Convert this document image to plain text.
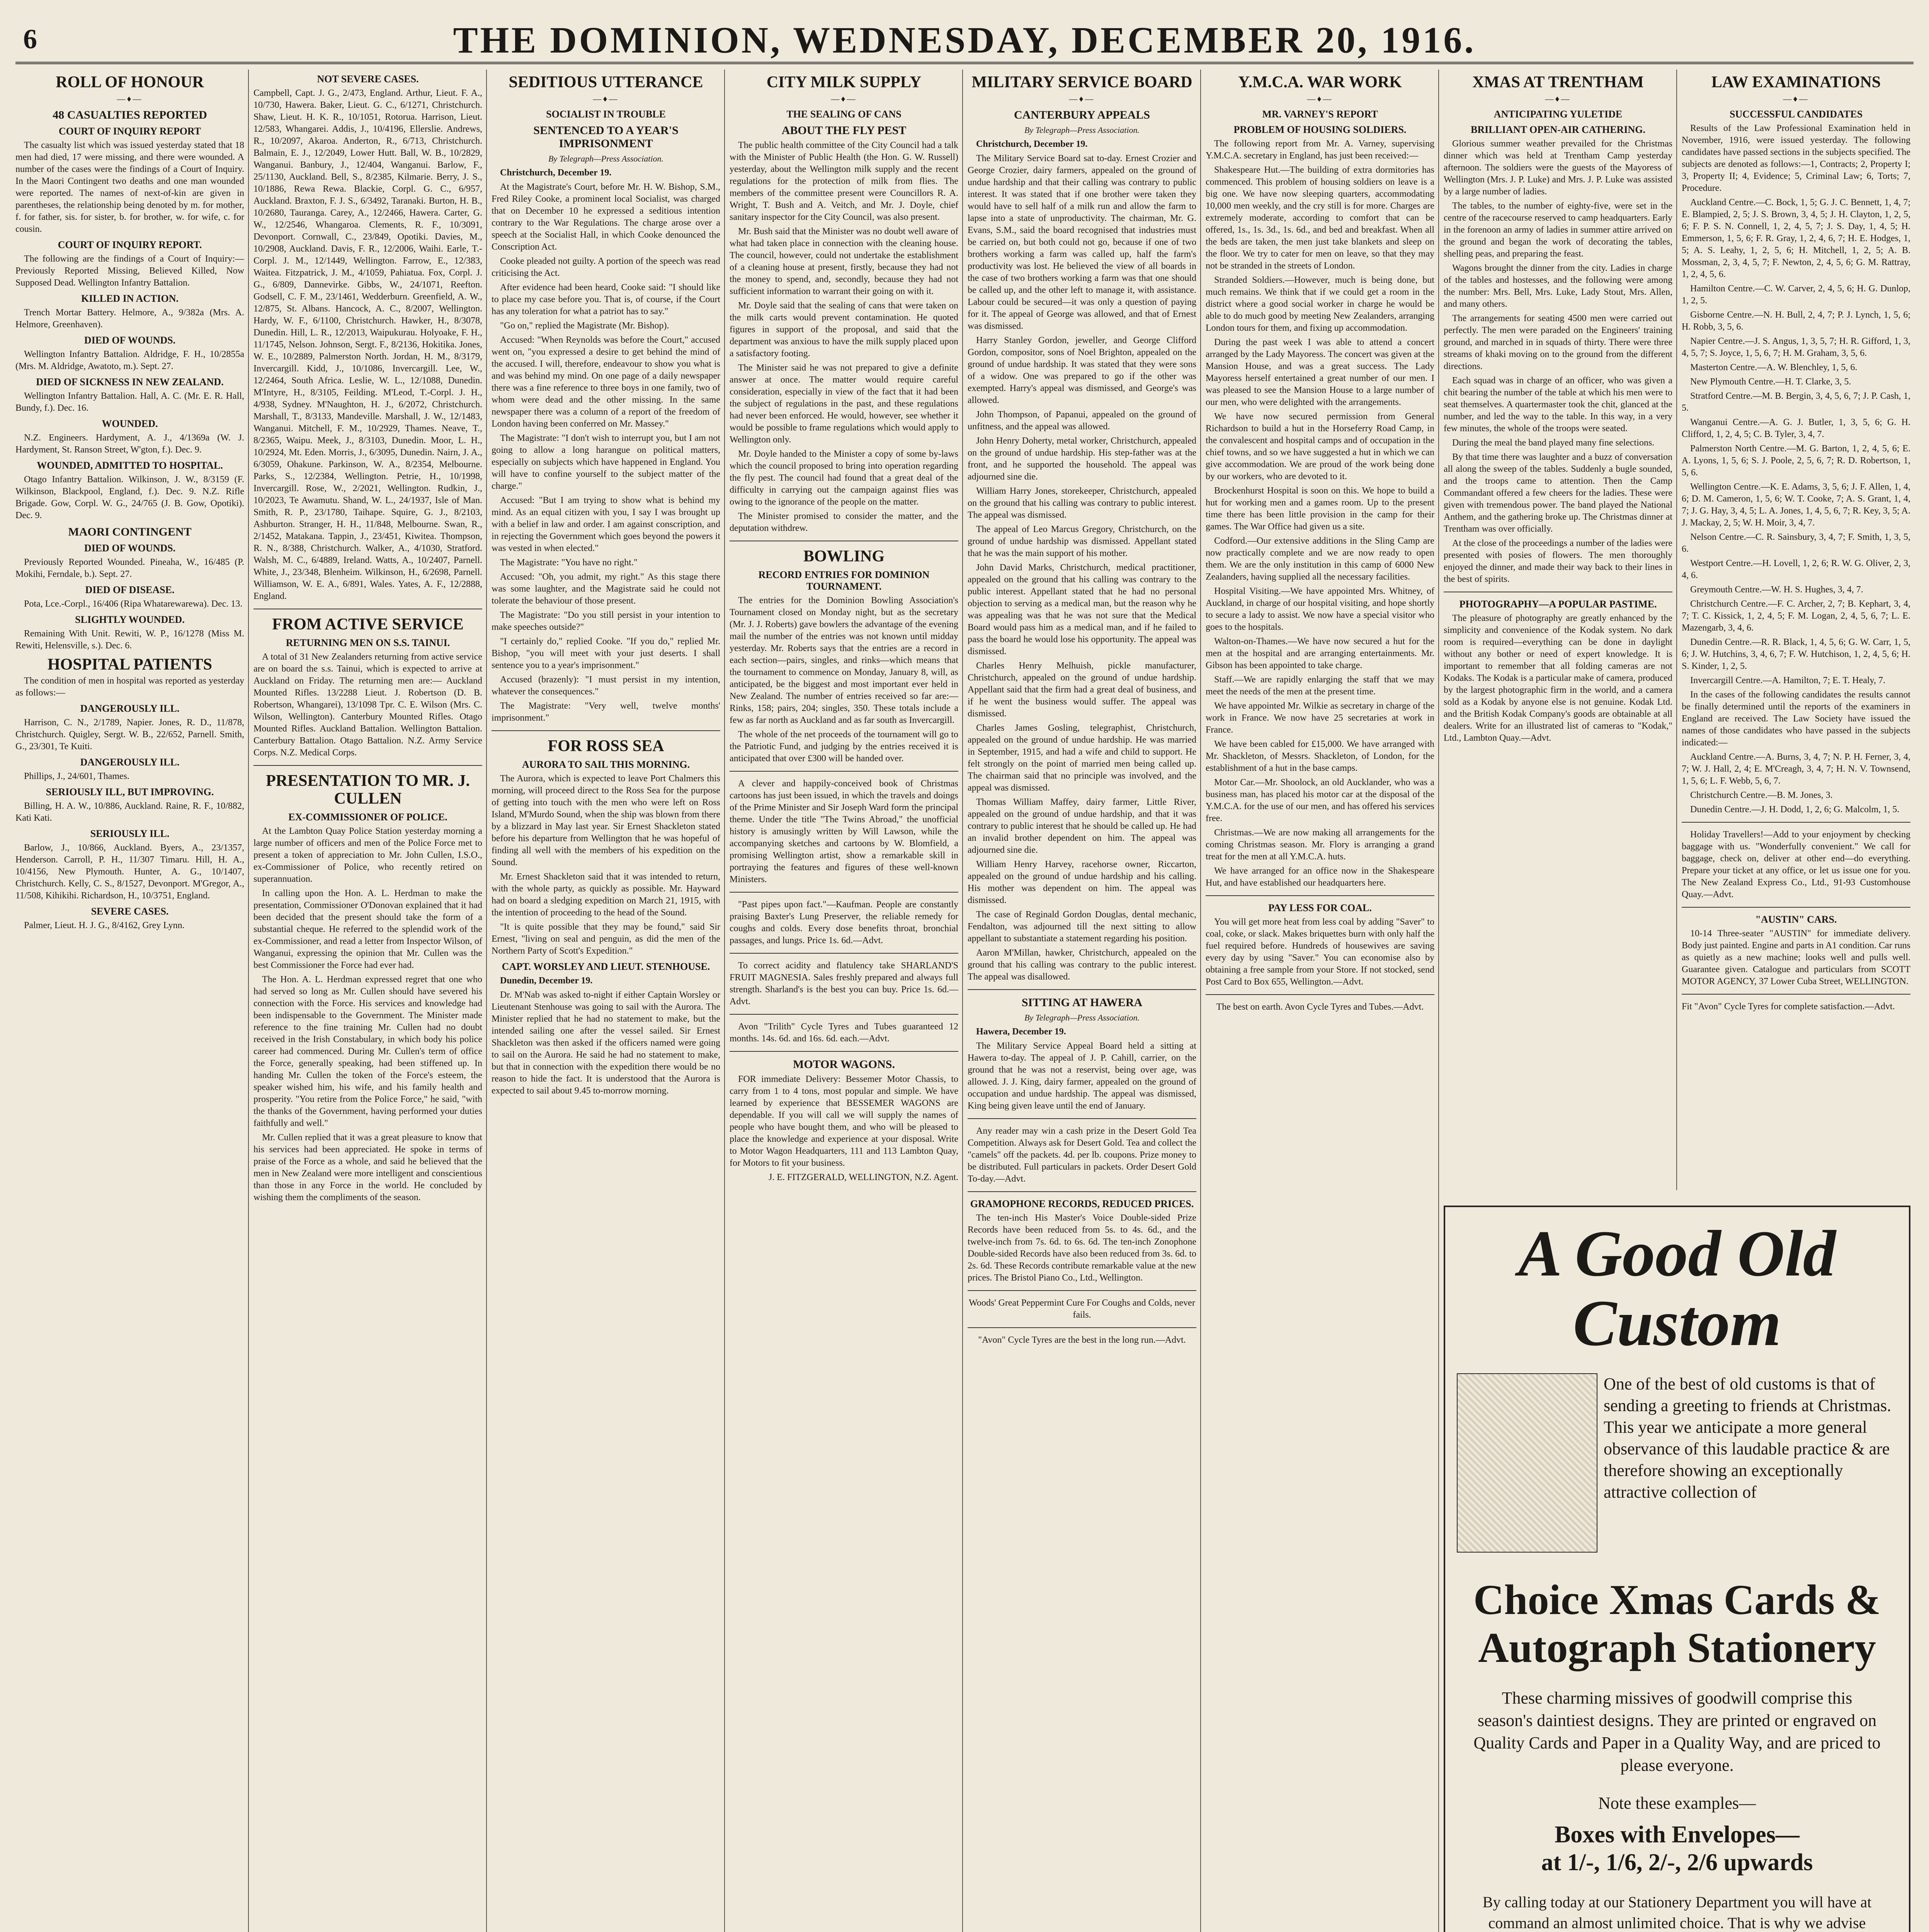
6	THE DOMINION, WEDNESDAY, DECEMBER 20, 1916.
ROLL OF HONOUR
—♦—
48 CASUALTIES REPORTED
COURT OF INQUIRY REPORT

The casualty list which was issued yesterday stated that 18 men had died, 17 were missing, and there were wounded. A number of the cases were the findings of a Court of Inquiry. In the Maori Contingent two deaths and one man wounded were reported. The names of next-of-kin are given in parentheses, the relationship being denoted by m. for mother, f. for father, sis. for sister, b. for brother, w. for wife, c. for cousin.

COURT OF INQUIRY REPORT.

The following are the findings of a Court of Inquiry:— Previously Reported Missing, Believed Killed, Now Supposed Dead. Wellington Infantry Battalion.

KILLED IN ACTION.

Trench Mortar Battery. Helmore, A., 9/382a (Mrs. A. Helmore, Greenhaven).

DIED OF WOUNDS.

Wellington Infantry Battalion. Aldridge, F. H., 10/2855a (Mrs. M. Aldridge, Awatoto, m.). Sept. 27.

DIED OF SICKNESS IN NEW ZEALAND.

Wellington Infantry Battalion. Hall, A. C. (Mr. E. R. Hall, Bundy, f.). Dec. 16.

WOUNDED.

N.Z. Engineers. Hardyment, A. J., 4/1369a (W. J. Hardyment, St. Ranson Street, W'gton, f.). Dec. 9.

WOUNDED, ADMITTED TO HOSPITAL.

Otago Infantry Battalion. Wilkinson, J. W., 8/3159 (F. Wilkinson, Blackpool, England, f.). Dec. 9. N.Z. Rifle Brigade. Gow, Corpl. W. G., 24/765 (J. B. Gow, Opotiki). Dec. 9.

MAORI CONTINGENT
DIED OF WOUNDS.

Previously Reported Wounded. Pineaha, W., 16/485 (P. Mokihi, Ferndale, b.). Sept. 27.

DIED OF DISEASE.

Pota, Lce.-Corpl., 16/406 (Ripa Whatarewarewa). Dec. 13.

SLIGHTLY WOUNDED.

Remaining With Unit. Rewiti, W. P., 16/1278 (Miss M. Rewiti, Helensville, s.). Dec. 6.

HOSPITAL PATIENTS

The condition of men in hospital was reported as yesterday as follows:—

DANGEROUSLY ILL.

Harrison, C. N., 2/1789, Napier. Jones, R. D., 11/878, Christchurch. Quigley, Sergt. W. B., 22/652, Parnell. Smith, G., 23/301, Te Kuiti.

DANGEROUSLY ILL.

Phillips, J., 24/601, Thames.

SERIOUSLY ILL, BUT IMPROVING.

Billing, H. A. W., 10/886, Auckland. Raine, R. F., 10/882, Kati Kati.

SERIOUSLY ILL.

Barlow, J., 10/866, Auckland. Byers, A., 23/1357, Henderson. Carroll, P. H., 11/307 Timaru. Hill, H. A., 10/4156, New Plymouth. Hunter, A. G., 10/1407, Christchurch. Kelly, C. S., 8/1527, Devonport. M'Gregor, A., 11/508, Kihikihi. Richardson, H., 10/3751, England.

SEVERE CASES.

Palmer, Lieut. H. J. G., 8/4162, Grey Lynn.

NOT SEVERE CASES.

Campbell, Capt. J. G., 2/473, England. Arthur, Lieut. F. A., 10/730, Hawera. Baker, Lieut. G. C., 6/1271, Christchurch. Shaw, Lieut. H. K. R., 10/1051, Rotorua. Harrison, Lieut. 12/583, Whangarei. Addis, J., 10/4196, Ellerslie. Andrews, R., 10/2097, Akaroa. Anderton, R., 6/713, Christchurch. Balmain, E. J., 12/2049, Lower Hutt. Ball, W. B., 10/2829, Wanganui. Banbury, J., 12/404, Wanganui. Barlow, F., 25/1130, Auckland. Bell, S., 8/2385, Kilmarie. Berry, J. S., 10/1886, Rewa Rewa. Blackie, Corpl. G. C., 6/957, Auckland. Braxton, F. J. S., 6/3492, Taranaki. Burton, H. B., 10/2680, Tauranga. Carey, A., 12/2466, Hawera. Carter, G. W., 12/2546, Whangaroa. Clements, R. F., 10/3091, Devonport. Cornwall, C., 23/849, Opotiki. Davies, M., 10/2908, Auckland. Davis, F. R., 12/2006, Waihi. Earle, T.-Corpl. J. M., 12/1449, Wellington. Farrow, E., 12/383, Waitea. Fitzpatrick, J. M., 4/1059, Pahiatua. Fox, Corpl. J. G., 6/809, Dannevirke. Gibbs, W., 24/1071, Reefton. Godsell, C. F. M., 23/1461, Wedderburn. Greenfield, A. W., 12/875, St. Albans. Hancock, A. C., 8/2007, Wellington. Hardy, W. F., 6/1100, Christchurch. Hawker, H., 8/3078, Dunedin. Hill, L. R., 12/2013, Waipukurau. Holyoake, F. H., 11/1745, Nelson. Johnson, Sergt. F., 8/2136, Hokitika. Jones, W. E., 10/2889, Palmerston North. Jordan, H. M., 8/3179, Invercargill. Kidd, J., 10/1086, Invercargill. Lee, W., 12/2464, South Africa. Leslie, W. L., 12/1088, Dunedin. M'Intyre, H., 8/3105, Feilding. M'Leod, T.-Corpl. J. H., 4/938, Sydney. M'Naughton, H. J., 6/2072, Christchurch. Marshall, T., 8/3133, Mandeville. Marshall, J. W., 12/1483, Wanganui. Mitchell, F. M., 10/2929, Thames. Neave, T., 8/2365, Waipu. Meek, J., 8/3103, Dunedin. Moor, L. H., 10/2924, Mt. Eden. Morris, J., 6/3095, Dunedin. Nairn, J. A., 6/3059, Ohakune. Parkinson, W. A., 8/2354, Melbourne. Parks, S., 12/2384, Wellington. Petrie, H., 10/1998, Invercargill. Rose, W., 2/2021, Wellington. Rudkin, J., 10/2023, Te Awamutu. Shand, W. L., 24/1937, Isle of Man. Smith, R. P., 23/1780, Taihape. Squire, G. J., 8/2103, Ashburton. Stranger, H. H., 11/848, Melbourne. Swan, R., 2/1452, Matakana. Tappin, J., 23/451, Kiwitea. Thompson, R. N., 8/388, Christchurch. Walker, A., 4/1030, Stratford. Walsh, M. C., 6/4889, Ireland. Watts, A., 10/2407, Parnell. White, J., 23/348, Blenheim. Wilkinson, H., 6/2698, Parnell. Williamson, W. E. A., 6/891, Wales. Yates, A. F., 12/2888, England.

FROM ACTIVE SERVICE
RETURNING MEN ON S.S. TAINUI.

A total of 31 New Zealanders returning from active service are on board the s.s. Tainui, which is expected to arrive at Auckland on Friday. The returning men are:— Auckland Mounted Rifles. 13/2288 Lieut. J. Robertson (D. B. Robertson, Whangarei), 13/1098 Tpr. C. E. Wilson (Mrs. C. Wilson, Wellington). Canterbury Mounted Rifles. Otago Mounted Rifles. Auckland Battalion. Wellington Battalion. Canterbury Battalion. Otago Battalion. N.Z. Army Service Corps. N.Z. Medical Corps.

PRESENTATION TO MR. J. CULLEN
EX-COMMISSIONER OF POLICE.

At the Lambton Quay Police Station yesterday morning a large number of officers and men of the Police Force met to present a token of appreciation to Mr. John Cullen, I.S.O., ex-Commissioner of Police, who recently retired on superannuation.

In calling upon the Hon. A. L. Herdman to make the presentation, Commissioner O'Donovan explained that it had been decided that the present should take the form of a substantial cheque. He referred to the splendid work of the ex-Commissioner, and read a letter from Inspector Wilson, of Wanganui, expressing the opinion that Mr. Cullen was the best Commissioner the Force had ever had.

The Hon. A. L. Herdman expressed regret that one who had served so long as Mr. Cullen should have severed his connection with the Force. His services and knowledge had been indispensable to the Government. The Minister made reference to the fine training Mr. Cullen had no doubt received in the Irish Constabulary, in which body his police career had commenced. During Mr. Cullen's term of office the Force, generally speaking, had been stiffened up. In handing Mr. Cullen the token of the Force's esteem, the speaker wished him, his wife, and his family health and prosperity. "You retire from the Police Force," he said, "with the thanks of the Government, having performed your duties faithfully and well."

Mr. Cullen replied that it was a great pleasure to know that his services had been appreciated. He spoke in terms of praise of the Force as a whole, and said he believed that the men in New Zealand were more intelligent and conscientious than those in any Force in the world. He concluded by wishing them the compliments of the season.

SEDITIOUS UTTERANCE
—♦—
SOCIALIST IN TROUBLE
SENTENCED TO A YEAR'S IMPRISONMENT
By Telegraph—Press Association.

Christchurch, December 19.

At the Magistrate's Court, before Mr. H. W. Bishop, S.M., Fred Riley Cooke, a prominent local Socialist, was charged that on December 10 he expressed a seditious intention contrary to the War Regulations. The charge arose over a speech at the Socialist Hall, in which Cooke denounced the Conscription Act.

Cooke pleaded not guilty. A portion of the speech was read criticising the Act.

After evidence had been heard, Cooke said: "I should like to place my case before you. That is, of course, if the Court has any toleration for what a patriot has to say."

"Go on," replied the Magistrate (Mr. Bishop).

Accused: "When Reynolds was before the Court," accused went on, "you expressed a desire to get behind the mind of the accused. I will, therefore, endeavour to show you what is and was behind my mind. On one page of a daily newspaper there was a fine reference to three boys in one family, two of whom were dead and the other missing. In the same newspaper there was a column of a report of the freedom of London having been conferred on Mr. Massey."

The Magistrate: "I don't wish to interrupt you, but I am not going to allow a long harangue on political matters, especially on subjects which have happened in England. You will have to confine yourself to the subject matter of the charge."

Accused: "But I am trying to show what is behind my mind. As an equal citizen with you, I say I was brought up with a belief in law and order. I am against conscription, and in rejecting the Government which goes beyond the powers it was vested in when elected."

The Magistrate: "You have no right."

Accused: "Oh, you admit, my right." As this stage there was some laughter, and the Magistrate said he could not tolerate the behaviour of those present.

The Magistrate: "Do you still persist in your intention to make speeches outside?"

"I certainly do," replied Cooke. "If you do," replied Mr. Bishop, "you will meet with your just deserts. I shall sentence you to a year's imprisonment."

Accused (brazenly): "I must persist in my intention, whatever the consequences."

The Magistrate: "Very well, twelve months' imprisonment."

FOR ROSS SEA
AURORA TO SAIL THIS MORNING.

The Aurora, which is expected to leave Port Chalmers this morning, will proceed direct to the Ross Sea for the purpose of getting into touch with the men who were left on Ross Island, M'Murdo Sound, when the ship was blown from there by a blizzard in May last year. Sir Ernest Shackleton stated before his departure from Wellington that he was hopeful of finding all well with the members of his expedition on the Sound.

Mr. Ernest Shackleton said that it was intended to return, with the whole party, as quickly as possible. Mr. Hayward had on board a sledging expedition on March 21, 1915, with the intention of proceeding to the head of the Sound.

"It is quite possible that they may be found," said Sir Ernest, "living on seal and penguin, as did the men of the Northern Party of Scott's Expedition."

CAPT. WORSLEY AND LIEUT. STENHOUSE.

Dunedin, December 19.

Dr. M'Nab was asked to-night if either Captain Worsley or Lieutenant Stenhouse was going to sail with the Aurora. The Minister replied that he had no statement to make, but the intended sailing one after the vessel sailed. Sir Ernest Shackleton was then asked if the officers named were going to sail on the Aurora. He said he had no statement to make, but that in connection with the expedition there would be no reason to hide the fact. It is understood that the Aurora is expected to sail about 9.45 to-morrow morning.

CITY MILK SUPPLY
—♦—
THE SEALING OF CANS
ABOUT THE FLY PEST

The public health committee of the City Council had a talk with the Minister of Public Health (the Hon. G. W. Russell) yesterday, about the Wellington milk supply and the recent regulations for the protection of milk from flies. The members of the committee present were Councillors R. A. Wright, T. Bush and A. Veitch, and Mr. J. Doyle, chief sanitary inspector for the City Council, was also present.

Mr. Bush said that the Minister was no doubt well aware of what had taken place in connection with the cleaning house. The council, however, could not undertake the establishment of a cleaning house at present, firstly, because they had not the money to spend, and, secondly, because they had not sufficient information to warrant their going on with it.

Mr. Doyle said that the sealing of cans that were taken on the milk carts would prevent contamination. He quoted figures in support of the proposal, and said that the department was anxious to have the milk supply placed upon a satisfactory footing.

The Minister said he was not prepared to give a definite answer at once. The matter would require careful consideration, especially in view of the fact that it had been the subject of regulations in the past, and these regulations had never been enforced. He would, however, see whether it would be possible to frame regulations which would apply to Wellington only.

Mr. Doyle handed to the Minister a copy of some by-laws which the council proposed to bring into operation regarding the fly pest. The council had found that a great deal of the difficulty in carrying out the campaign against flies was owing to the ignorance of the people on the matter.

The Minister promised to consider the matter, and the deputation withdrew.

BOWLING
RECORD ENTRIES FOR DOMINION TOURNAMENT.

The entries for the Dominion Bowling Association's Tournament closed on Monday night, but as the secretary (Mr. J. J. Roberts) gave bowlers the advantage of the evening mail the number of the entries was not known until midday yesterday. Mr. Roberts says that the entries are a record in each section—pairs, singles, and rinks—which means that the tournament to commence on Monday, January 8, will, as anticipated, be the biggest and most important ever held in New Zealand. The number of entries received so far are:—Rinks, 158; pairs, 204; singles, 350. These totals include a few as far north as Auckland and as far south as Invercargill.

The whole of the net proceeds of the tournament will go to the Patriotic Fund, and judging by the entries received it is anticipated that over £300 will be handed over.

A clever and happily-conceived book of Christmas cartoons has just been issued, in which the travels and doings of the Prime Minister and Sir Joseph Ward form the principal theme. Under the title "The Twins Abroad," the unofficial history is amusingly written by Will Lawson, while the accompanying sketches and cartoons by W. Blomfield, a promising Wellington artist, show a remarkable skill in portraying the features and figures of these well-known Ministers.

"Past pipes upon fact."—Kaufman. People are constantly praising Baxter's Lung Preserver, the reliable remedy for coughs and colds. Every dose benefits throat, bronchial passages, and lungs. Price 1s. 6d.—Advt.

To correct acidity and flatulency take SHARLAND'S FRUIT MAGNESIA. Sales freshly prepared and always full strength. Sharland's is the best you can buy. Price 1s. 6d.—Advt.

Avon "Trilith" Cycle Tyres and Tubes guaranteed 12 months. 14s. 6d. and 16s. 6d. each.—Advt.

MOTOR WAGONS.

FOR immediate Delivery: Bessemer Motor Chassis, to carry from 1 to 4 tons, most popular and simple. We have learned by experience that BESSEMER WAGONS are dependable. If you will call we will supply the names of people who have bought them, and who will be pleased to place the knowledge and experience at your disposal. Write to Motor Wagon Headquarters, 111 and 113 Lambton Quay, for Motors to fit your business.

J. E. FITZGERALD, WELLINGTON, N.Z. Agent.

MILITARY SERVICE BOARD
—♦—
CANTERBURY APPEALS
By Telegraph—Press Association.

Christchurch, December 19.

The Military Service Board sat to-day. Ernest Crozier and George Crozier, dairy farmers, appealed on the ground of undue hardship and that their calling was contrary to public interest. It was stated that if one brother were taken they would have to sell half of a milk run and allow the farm to lapse into a state of unproductivity. The chairman, Mr. G. Evans, S.M., said the board recognised that industries must be carried on, but both could not go, because if one of two brothers working a farm was called up, half the farm's productivity was lost. He believed the view of all boards in the case of two brothers working a farm was that one should be called up, and the other left to manage it, with assistance. Labour could be secured—it was only a question of paying for it. The appeal of George was allowed, and that of Ernest was dismissed.

Harry Stanley Gordon, jeweller, and George Clifford Gordon, compositor, sons of Noel Brighton, appealed on the ground of undue hardship. It was stated that they were sons of a widow. One was prepared to go if the other was exempted. Harry's appeal was dismissed, and George's was allowed.

John Thompson, of Papanui, appealed on the ground of unfitness, and the appeal was allowed.

John Henry Doherty, metal worker, Christchurch, appealed on the ground of undue hardship. His step-father was at the front, and he supported the household. The appeal was adjourned sine die.

William Harry Jones, storekeeper, Christchurch, appealed on the ground that his calling was contrary to public interest. The appeal was dismissed.

The appeal of Leo Marcus Gregory, Christchurch, on the ground of undue hardship was dismissed. Appellant stated that he was the main support of his mother.

John David Marks, Christchurch, medical practitioner, appealed on the ground that his calling was contrary to the public interest. Appellant stated that he had no personal objection to serving as a medical man, but the reason why he was appealing was that he was not sure that the Medical Board would pass him as a medical man, and if he failed to pass the board he would lose his opportunity. The appeal was dismissed.

Charles Henry Melhuish, pickle manufacturer, Christchurch, appealed on the ground of undue hardship. Appellant said that the firm had a great deal of business, and if he went the business would suffer. The appeal was dismissed.

Charles James Gosling, telegraphist, Christchurch, appealed on the ground of undue hardship. He was married in September, 1915, and had a wife and child to support. He felt strongly on the point of married men being called up. The chairman said that no principle was involved, and the appeal was dismissed.

Thomas William Maffey, dairy farmer, Little River, appealed on the ground of undue hardship, and that it was contrary to public interest that he should be called up. He had an invalid brother dependent on him. The appeal was adjourned sine die.

William Henry Harvey, racehorse owner, Riccarton, appealed on the ground of undue hardship and his calling. His mother was dependent on him. The appeal was dismissed.

The case of Reginald Gordon Douglas, dental mechanic, Fendalton, was adjourned till the next sitting to allow appellant to substantiate a statement regarding his position.

Aaron M'Millan, hawker, Christchurch, appealed on the ground that his calling was contrary to the public interest. The appeal was disallowed.

SITTING AT HAWERA
By Telegraph—Press Association.

Hawera, December 19.

The Military Service Appeal Board held a sitting at Hawera to-day. The appeal of J. P. Cahill, carrier, on the ground that he was not a reservist, being over age, was allowed. J. J. King, dairy farmer, appealed on the ground of occupation and undue hardship. The appeal was dismissed, King being given leave until the end of January.

Any reader may win a cash prize in the Desert Gold Tea Competition. Always ask for Desert Gold. Tea and collect the "camels" off the packets. 4d. per lb. coupons. Prize money to be distributed. Full particulars in packets. Order Desert Gold To-day.—Advt.

GRAMOPHONE RECORDS, REDUCED PRICES.

The ten-inch His Master's Voice Double-sided Prize Records have been reduced from 5s. to 4s. 6d., and the twelve-inch from 7s. 6d. to 6s. 6d. The ten-inch Zonophone Double-sided Records have also been reduced from 3s. 6d. to 2s. 6d. These Records contribute remarkable value at the new prices. The Bristol Piano Co., Ltd., Wellington.

Woods' Great Peppermint Cure For Coughs and Colds, never fails.

"Avon" Cycle Tyres are the best in the long run.—Advt.

Y.M.C.A. WAR WORK
—♦—
MR. VARNEY'S REPORT
PROBLEM OF HOUSING SOLDIERS.

The following report from Mr. A. Varney, supervising Y.M.C.A. secretary in England, has just been received:—

Shakespeare Hut.—The building of extra dormitories has commenced. This problem of housing soldiers on leave is a big one. We have now sleeping quarters, accommodating 10,000 men weekly, and the cry still is for more. Charges are extremely moderate, according to comfort that can be offered, 1s., 1s. 3d., 1s. 6d., and bed and breakfast. When all the beds are taken, the men just take blankets and sleep on the floor. We try to cater for men on leave, so that they may not be stranded in the streets of London.

Stranded Soldiers.—However, much is being done, but much remains. We think that if we could get a room in the district where a good social worker in charge he would be able to do much good by meeting New Zealanders, arranging London tours for them, and fixing up accommodation.

During the past week I was able to attend a concert arranged by the Lady Mayoress. The concert was given at the Mansion House, and was a great success. The Lady Mayoress herself entertained a great number of our men. I was pleased to see the Mansion House to a large number of our men, who were delighted with the arrangements.

We have now secured permission from General Richardson to build a hut in the Horseferry Road Camp, in the convalescent and hospital camps and of occupation in the chief towns, and so we have suggested a hut in which we can give accommodation. We are proud of the work being done by our workers, who are devoted to it.

Brockenhurst Hospital is soon on this. We hope to build a hut for working men and a games room. Up to the present time there has been little provision in the camp for their games. The War Office had given us a site.

Codford.—Our extensive additions in the Sling Camp are now practically complete and we are now ready to open them. We are the only institution in this camp of 6000 New Zealanders, having supplied all the necessary facilities.

Hospital Visiting.—We have appointed Mrs. Whitney, of Auckland, in charge of our hospital visiting, and hope shortly to secure a lady to assist. We now have a special visitor who goes to the hospitals.

Walton-on-Thames.—We have now secured a hut for the men at the hospital and are arranging entertainments. Mr. Gibson has been appointed to take charge.

Staff.—We are rapidly enlarging the staff that we may meet the needs of the men at the present time.

We have appointed Mr. Wilkie as secretary in charge of the work in France. We now have 25 secretaries at work in France.

We have been cabled for £15,000. We have arranged with Mr. Shackleton, of Messrs. Shackleton, of London, for the establishment of a hut in the base camps.

Motor Car.—Mr. Shoolock, an old Aucklander, who was a business man, has placed his motor car at the disposal of the Y.M.C.A. for the use of our men, and has offered his services free.

Christmas.—We are now making all arrangements for the coming Christmas season. Mr. Flory is arranging a grand treat for the men at all Y.M.C.A. huts.

We have arranged for an office now in the Shakespeare Hut, and have established our headquarters here.

PAY LESS FOR COAL.

You will get more heat from less coal by adding "Saver" to coal, coke, or slack. Makes briquettes burn with only half the fuel required before. Hundreds of housewives are saving every day by using "Saver." You can economise also by obtaining a free sample from your Store. If not stocked, send Post Card to Box 655, Wellington.—Advt.

The best on earth. Avon Cycle Tyres and Tubes.—Advt.

XMAS AT TRENTHAM
—♦—
ANTICIPATING YULETIDE
BRILLIANT OPEN-AIR CATHERING.

Glorious summer weather prevailed for the Christmas dinner which was held at Trentham Camp yesterday afternoon. The soldiers were the guests of the Mayoress of Wellington (Mrs. J. P. Luke) and Mrs. J. P. Luke was assisted by a large number of ladies.

The tables, to the number of eighty-five, were set in the centre of the racecourse reserved to camp headquarters. Early in the forenoon an army of ladies in summer attire arrived on the ground and began the work of decorating the tables, shelling peas, and preparing the feast.

Wagons brought the dinner from the city. Ladies in charge of the tables and hostesses, and the following were among the number: Mrs. Bell, Mrs. Luke, Lady Stout, Mrs. Allen, and many others.

The arrangements for seating 4500 men were carried out perfectly. The men were paraded on the Engineers' training ground, and marched in in squads of thirty. There were three streams of khaki moving on to the ground from the different directions.

Each squad was in charge of an officer, who was given a chit bearing the number of the table at which his men were to seat themselves. A quartermaster took the chit, glanced at the number, and led the way to the table. In this way, in a very few minutes, the whole of the troops were seated.

During the meal the band played many fine selections.

By that time there was laughter and a buzz of conversation all along the sweep of the tables. Suddenly a bugle sounded, and the troops came to attention. Then the Camp Commandant offered a few cheers for the ladies. These were given with tremendous power. The band played the National Anthem, and the gathering broke up. The Christmas dinner at Trentham was over officially.

At the close of the proceedings a number of the ladies were presented with posies of flowers. The men thoroughly enjoyed the dinner, and made their way back to their lines in the best of spirits.

PHOTOGRAPHY—A POPULAR PASTIME.

The pleasure of photography are greatly enhanced by the simplicity and convenience of the Kodak system. No dark room is required—everything can be done in daylight without any bother or need of expert knowledge. It is important to remember that all folding cameras are not Kodaks. The Kodak is a particular make of camera, produced by the largest photographic firm in the world, and a camera sold as a Kodak by anyone else is not genuine. Kodak Ltd. and the British Kodak Company's goods are obtainable at all dealers. Write for an illustrated list of cameras to "Kodak," Ltd., Lambton Quay.—Advt.

LAW EXAMINATIONS
—♦—
SUCCESSFUL CANDIDATES

Results of the Law Professional Examination held in November, 1916, were issued yesterday. The following candidates have passed sections in the subjects specified. The subjects are denoted as follows:—1, Contracts; 2, Property I; 3, Property II; 4, Evidence; 5, Criminal Law; 6, Torts; 7, Procedure.

Auckland Centre.—C. Bock, 1, 5; G. J. C. Bennett, 1, 4, 7; E. Blampied, 2, 5; J. S. Brown, 3, 4, 5; J. H. Clayton, 1, 2, 5, 6; F. P. S. N. Connell, 1, 2, 4, 5, 7; J. S. Day, 1, 4, 5; H. Emmerson, 1, 5, 6; F. R. Gray, 1, 2, 4, 6, 7; H. E. Hodges, 1, 5; A. S. Leahy, 1, 2, 5, 6; H. Mitchell, 1, 2, 5; A. B. Mossman, 2, 3, 4, 5, 7; F. Newton, 2, 4, 5, 6; G. M. Rattray, 1, 2, 4, 5, 6.

Hamilton Centre.—C. W. Carver, 2, 4, 5, 6; H. G. Dunlop, 1, 2, 5.

Gisborne Centre.—N. H. Bull, 2, 4, 7; P. J. Lynch, 1, 5, 6; H. Robb, 3, 5, 6.

Napier Centre.—J. S. Angus, 1, 3, 5, 7; H. R. Gifford, 1, 3, 4, 5, 7; S. Joyce, 1, 5, 6, 7; H. M. Graham, 3, 5, 6.

Masterton Centre.—A. W. Blenchley, 1, 5, 6.

New Plymouth Centre.—H. T. Clarke, 3, 5.

Stratford Centre.—M. B. Bergin, 3, 4, 5, 6, 7; J. P. Cash, 1, 5.

Wanganui Centre.—A. G. J. Butler, 1, 3, 5, 6; G. H. Clifford, 1, 2, 4, 5; C. B. Tyler, 3, 4, 7.

Palmerston North Centre.—M. G. Barton, 1, 2, 4, 5, 6; E. A. Lyons, 1, 5, 6; S. J. Poole, 2, 5, 6, 7; R. D. Robertson, 1, 5, 6.

Wellington Centre.—K. E. Adams, 3, 5, 6; J. F. Allen, 1, 4, 6; D. M. Cameron, 1, 5, 6; W. T. Cooke, 7; A. S. Grant, 1, 4, 7; J. G. Hay, 3, 4, 5; L. A. Jones, 1, 4, 5, 6, 7; R. Key, 3, 5; A. J. Mackay, 2, 5; W. H. Moir, 3, 4, 7.

Nelson Centre.—C. R. Sainsbury, 3, 4, 7; F. Smith, 1, 3, 5, 6.

Westport Centre.—H. Lovell, 1, 2, 6; R. W. G. Oliver, 2, 3, 4, 6.

Greymouth Centre.—W. H. S. Hughes, 3, 4, 7.

Christchurch Centre.—F. C. Archer, 2, 7; B. Kephart, 3, 4, 7; T. C. Kissick, 1, 2, 4, 5; F. M. Logan, 2, 4, 5, 6, 7; L. E. Mazengarb, 3, 4, 6.

Dunedin Centre.—R. R. Black, 1, 4, 5, 6; G. W. Carr, 1, 5, 6; J. W. Hutchins, 3, 4, 6, 7; F. W. Hutchison, 1, 2, 4, 5, 6; H. S. Kinder, 1, 2, 5.

Invercargill Centre.—A. Hamilton, 7; E. T. Healy, 7.

In the cases of the following candidates the results cannot be finally determined until the reports of the examiners in England are received. The Law Society have issued the names of those candidates who have passed in the subjects indicated:—

Auckland Centre.—A. Burns, 3, 4, 7; N. P. H. Ferner, 3, 4, 7; W. J. Hall, 2, 4; E. M'Creagh, 3, 4, 7; H. N. V. Townsend, 1, 5, 6; L. F. Webb, 5, 6, 7.

Christchurch Centre.—B. M. Jones, 3.

Dunedin Centre.—J. H. Dodd, 1, 2, 6; G. Malcolm, 1, 5.

Holiday Travellers!—Add to your enjoyment by checking baggage with us. "Wonderfully convenient." We call for baggage, check on, deliver at other end—do everything. Prepare your ticket at any office, or let us issue one for you. The New Zealand Express Co., Ltd., 91-93 Customhouse Quay.—Advt.

"AUSTIN" CARS.

10-14 Three-seater "AUSTIN" for immediate delivery. Body just painted. Engine and parts in A1 condition. Car runs as quietly as a new machine; looks well and pulls well. Guarantee given. Catalogue and particulars from SCOTT MOTOR AGENCY, 37 Lower Cuba Street, WELLINGTON.

Fit "Avon" Cycle Tyres for complete satisfaction.—Advt.

A Good Old Custom
One of the best of old customs is that of sending a greeting to friends at Christmas. This year we anticipate a more general observance of this laudable practice & are therefore showing an exceptionally attractive collection of
Choice Xmas Cards & Autograph Stationery
These charming missives of goodwill comprise this season's daintiest designs. They are printed or engraved on Quality Cards and Paper in a Quality Way, and are priced to please everyone.
Note these examples—
Boxes with Envelopes—
at 1/-, 1/6, 2/-, 2/6 upwards
By calling today at our Stationery Department you will have at command an almost unlimited choice. That is why we advise
